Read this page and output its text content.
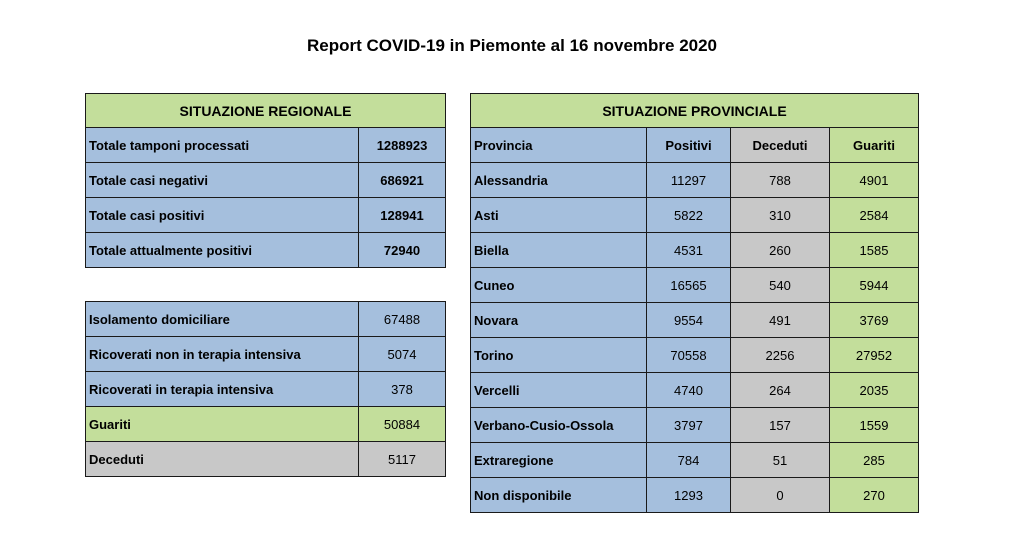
Report COVID-19 in Piemonte al 16 novembre 2020
SITUAZIONE REGIONALE	
Totale tamponi processati	1288923
Totale casi negativi	686921
Totale casi positivi	128941
Totale attualmente positivi	72940
Isolamento domiciliare	67488
Ricoverati non in terapia intensiva	5074
Ricoverati in terapia intensiva	378
Guariti	50884
Deceduti	5117
SITUAZIONE PROVINCIALE			
Provincia	Positivi	Deceduti	Guariti
Alessandria	11297	788	4901
Asti	5822	310	2584
Biella	4531	260	1585
Cuneo	16565	540	5944
Novara	9554	491	3769
Torino	70558	2256	27952
Vercelli	4740	264	2035
Verbano-Cusio-Ossola	3797	157	1559
Extraregione	784	51	285
Non disponibile	1293	0	270
